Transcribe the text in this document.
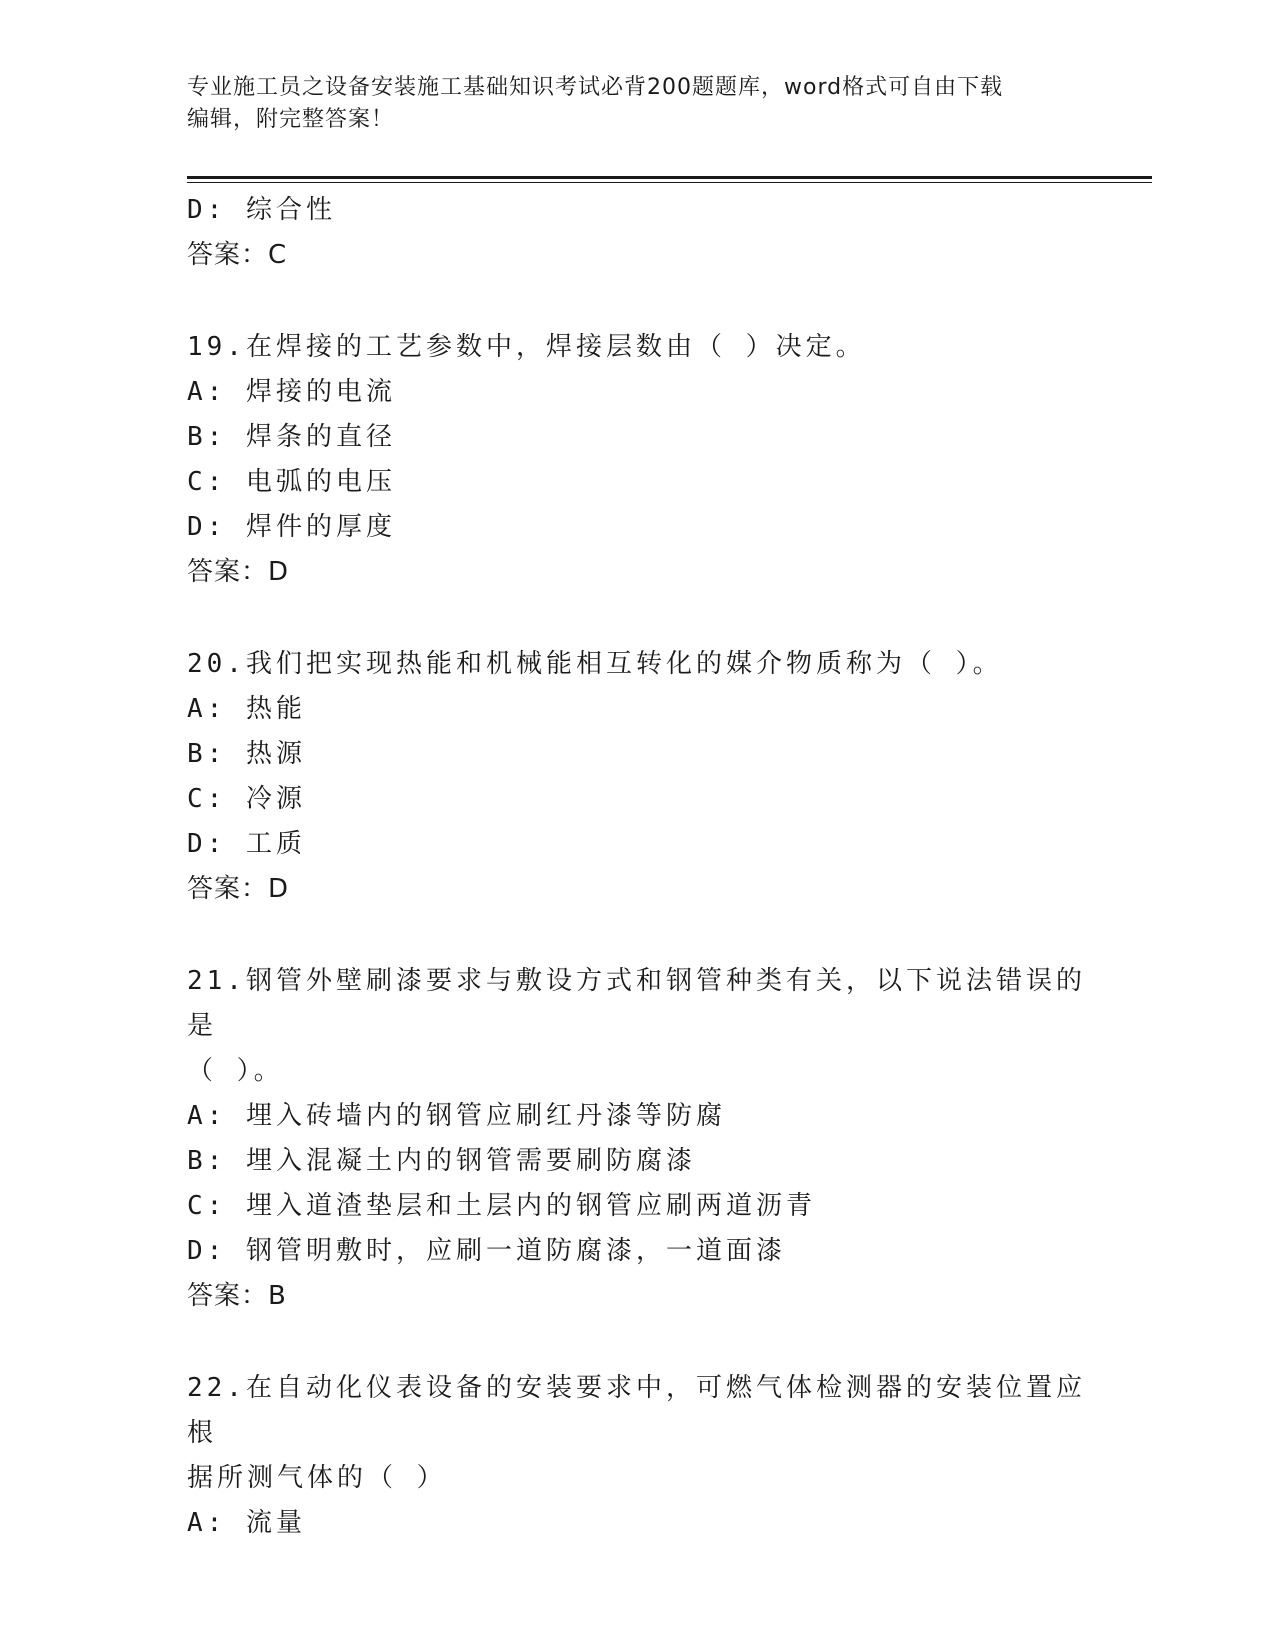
专业施工员之设备安装施工基础知识考试必背200题题库，word格式可自由下载
编辑，附完整答案！
D: 综合性
答案：C
19.在焊接的工艺参数中，焊接层数由（ ）决定。
A: 焊接的电流
B: 焊条的直径
C: 电弧的电压
D: 焊件的厚度
答案：D
20.我们把实现热能和机械能相互转化的媒介物质称为（ ）。
A: 热能
B: 热源
C: 冷源
D: 工质
答案：D
21.钢管外壁刷漆要求与敷设方式和钢管种类有关，以下说法错误的是
（ ）。
A: 埋入砖墙内的钢管应刷红丹漆等防腐
B: 埋入混凝土内的钢管需要刷防腐漆
C: 埋入道渣垫层和土层内的钢管应刷两道沥青
D: 钢管明敷时，应刷一道防腐漆，一道面漆
答案：B
22.在自动化仪表设备的安装要求中，可燃气体检测器的安装位置应根
据所测气体的（ ）
A: 流量
